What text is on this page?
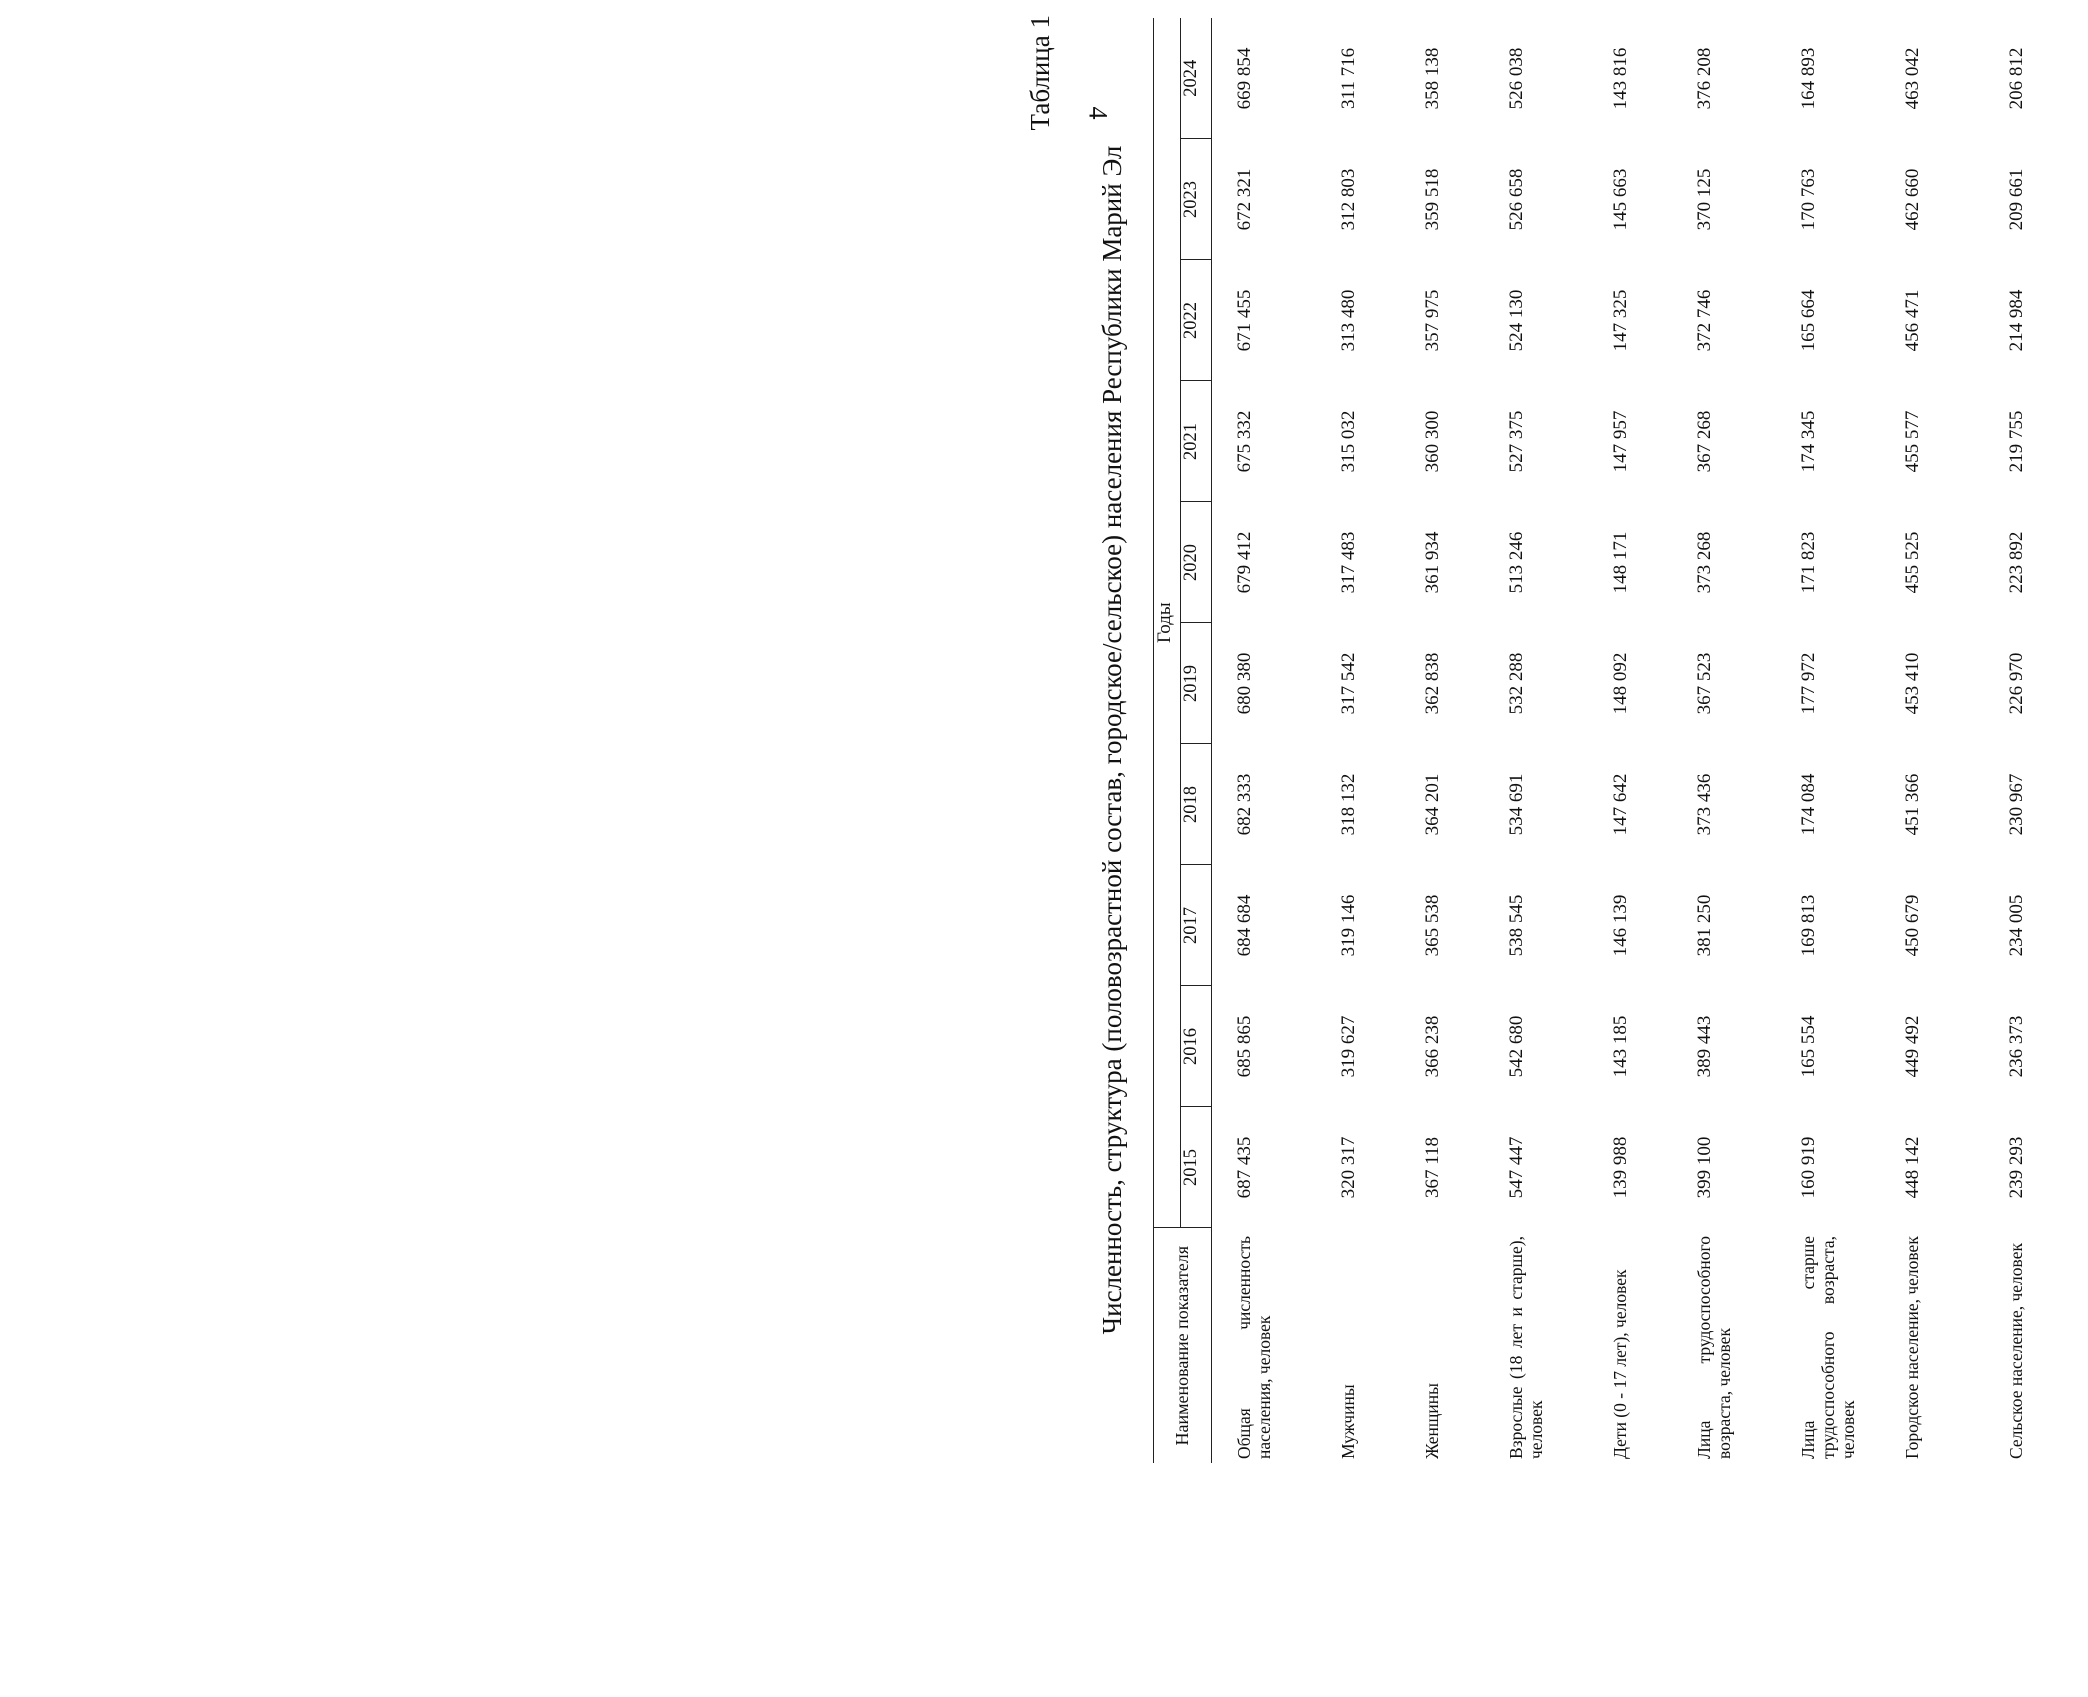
4
Таблица 1
Численность, структура (половозрастной состав, городское/сельское) населения Республики Марий Эл
Наименование показателя	Годы									
	2015	2016	2017	2018	2019	2020	2021	2022	2023	2024
Общая численность населения, человек	687 435	685 865	684 684	682 333	680 380	679 412	675 332	671 455	672 321	669 854
Мужчины	320 317	319 627	319 146	318 132	317 542	317 483	315 032	313 480	312 803	311 716
Женщины	367 118	366 238	365 538	364 201	362 838	361 934	360 300	357 975	359 518	358 138
Взрослые (18 лет и старше), человек	547 447	542 680	538 545	534 691	532 288	513 246	527 375	524 130	526 658	526 038
Дети (0 - 17 лет), человек	139 988	143 185	146 139	147 642	148 092	148 171	147 957	147 325	145 663	143 816
Лица трудоспособного возраста, человек	399 100	389 443	381 250	373 436	367 523	373 268	367 268	372 746	370 125	376 208
Лица старше трудоспособного возраста, человек	160 919	165 554	169 813	174 084	177 972	171 823	174 345	165 664	170 763	164 893
Городское население, человек	448 142	449 492	450 679	451 366	453 410	455 525	455 577	456 471	462 660	463 042
Сельское население, человек	239 293	236 373	234 005	230 967	226 970	223 892	219 755	214 984	209 661	206 812
